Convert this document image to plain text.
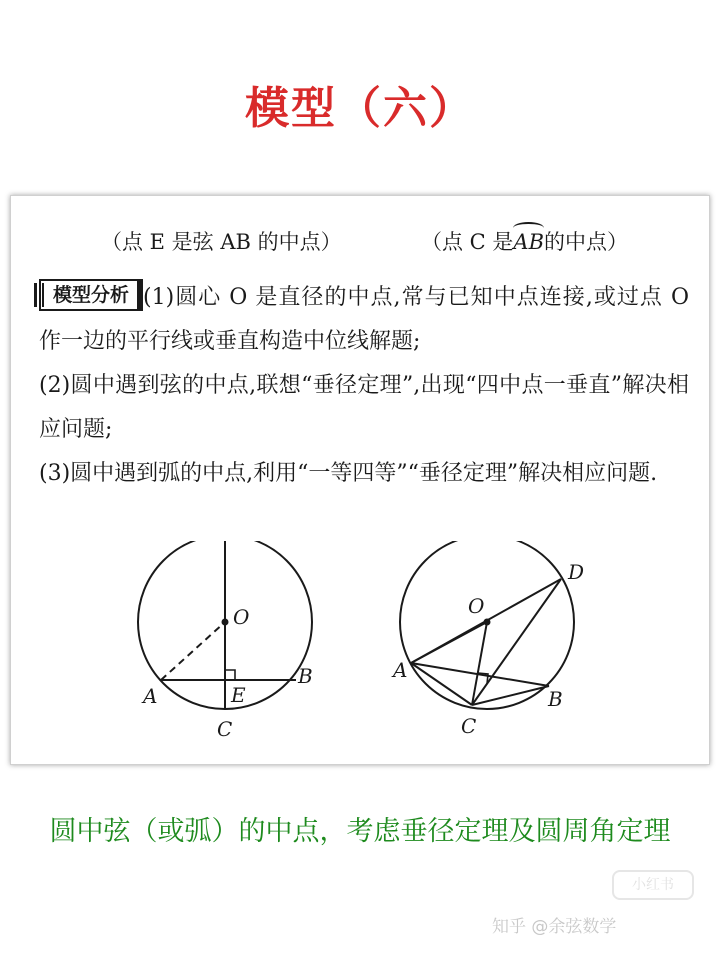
模型（六）
（点 E 是弦 AB 的中点）	（点 C 是AB的中点）
模型分析 (1)圆心 O 是直径的中点,常与已知中点连接,或过点 O 作一边的平行线或垂直构造中位线解题;
(2)圆中遇到弦的中点,联想“垂径定理”,出现“四中点一垂直”解决相应问题;
(3)圆中遇到弧的中点,利用“一等四等”“垂径定理”解决相应问题.
O
A
B
E
C
O
D
A
B
C
圆中弦（或弧）的中点，考虑垂径定理及圆周角定理
小红书
知乎 @余弦数学
